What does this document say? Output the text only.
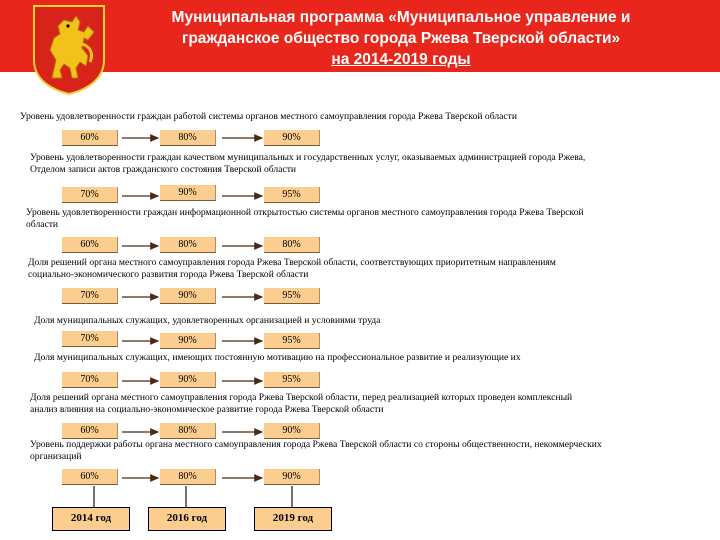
Муниципальная программа «Муниципальное управление и
гражданское общество города Ржева Тверской области»
на 2014-2019 годы
Уровень удовлетворенности граждан работой системы органов местного самоуправления города Ржева Тверской области
60%	80%	90%
Уровень удовлетворенности граждан качеством муниципальных и государственных услуг, оказываемых администрацией города Ржева,
Отделом записи актов гражданского состояния Тверской области
70%	90%	95%
Уровень удовлетворенности граждан информационной открытостью системы органов местного самоуправления города Ржева Тверской
области
60%	80%	80%
Доля решений органа местного самоуправления города Ржева Тверской области, соответствующих приоритетным направлениям
социально-экономического развития города Ржева Тверской области
70%	90%	95%
Доля муниципальных служащих, удовлетворенных организацией и условиями труда
70%	90%	95%
Доля муниципальных служащих, имеющих постоянную мотивацию на профессиональное развитие и реализующие их
70%	90%	95%
Доля решений органа местного самоуправления города Ржева Тверской области, перед реализацией которых проведен комплексный
анализ влияния на социально-экономическое развитие города Ржева Тверской области
60%	80%	90%
Уровень поддержки работы органа местного самоуправления города Ржева Тверской области со стороны общественности, некоммерческих
организаций
60%	80%	90%
2014 год	2016 год	2019 год
